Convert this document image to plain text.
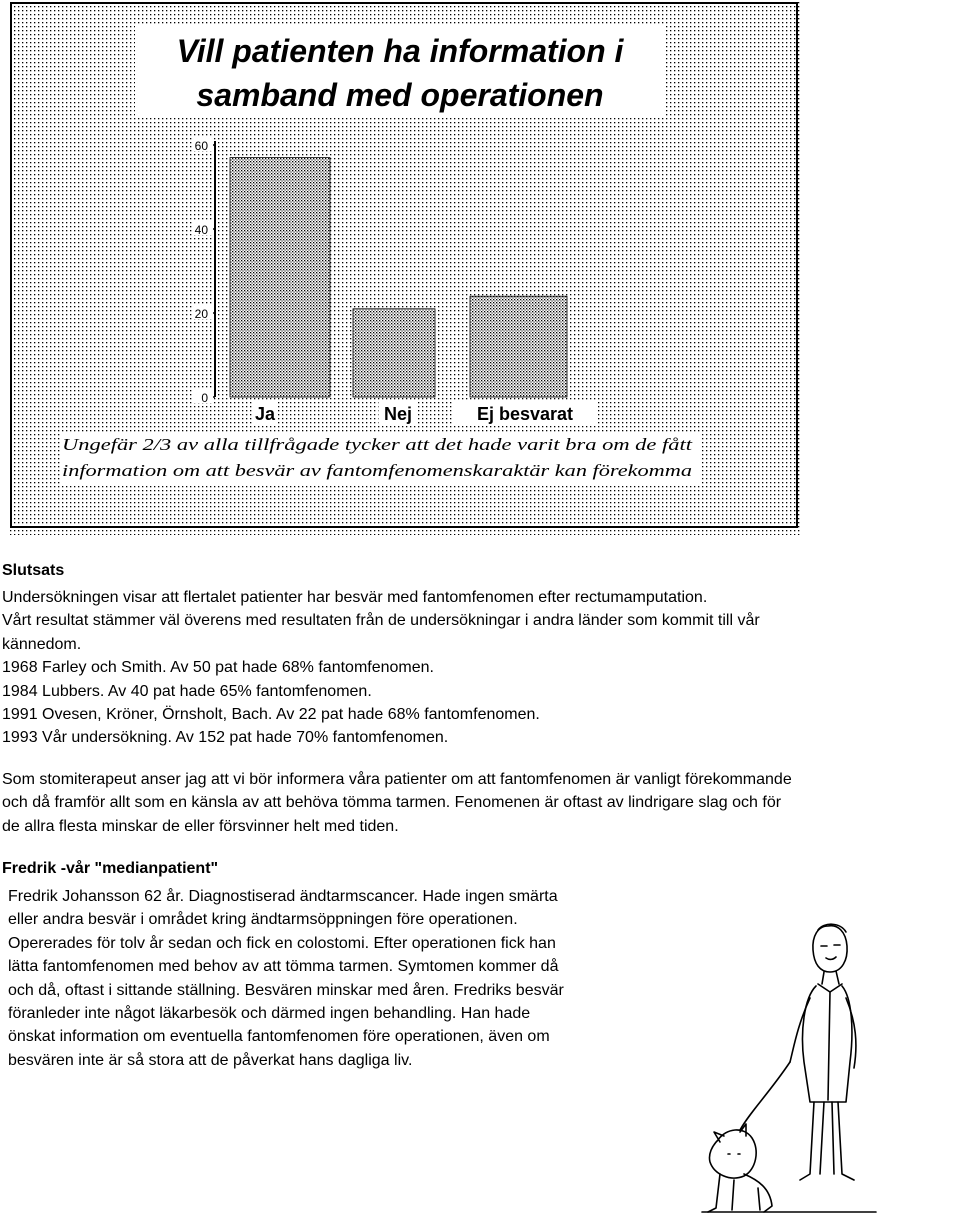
Vill patienten ha information i
samband med operationen
0
20
40
60
Ja	Nej	Ej besvarat
Ungefär 2/3 av alla tillfrågade tycker att det hade varit bra om de fått
information om att besvär av fantomfenomenskaraktär kan förekomma
Slutsats
Undersökningen visar att flertalet patienter har besvär med fantomfenomen efter rectumamputation.
Vårt resultat stämmer väl överens med resultaten från de undersökningar i andra länder som kommit till vår
kännedom.
1968 Farley och Smith. Av 50 pat hade 68% fantomfenomen.
1984 Lubbers. Av 40 pat hade 65% fantomfenomen.
1991 Ovesen, Kröner, Örnsholt, Bach. Av 22 pat hade 68% fantomfenomen.
1993 Vår undersökning. Av 152 pat hade 70% fantomfenomen.
Som stomiterapeut anser jag att vi bör informera våra patienter om att fantomfenomen är vanligt förekommande
och då framför allt som en känsla av att behöva tömma tarmen. Fenomenen är oftast av lindrigare slag och för
de allra flesta minskar de eller försvinner helt med tiden.
Fredrik -vår "medianpatient"
Fredrik Johansson 62 år. Diagnostiserad ändtarmscancer. Hade ingen smärta
eller andra besvär i området kring ändtarmsöppningen före operationen.
Opererades för tolv år sedan och fick en colostomi. Efter operationen fick han
lätta fantomfenomen med behov av att tömma tarmen. Symtomen kommer då
och då, oftast i sittande ställning. Besvären minskar med åren. Fredriks besvär
föranleder inte något läkarbesök och därmed ingen behandling. Han hade
önskat information om eventuella fantomfenomen före operationen, även om
besvären inte är så stora att de påverkat hans dagliga liv.
